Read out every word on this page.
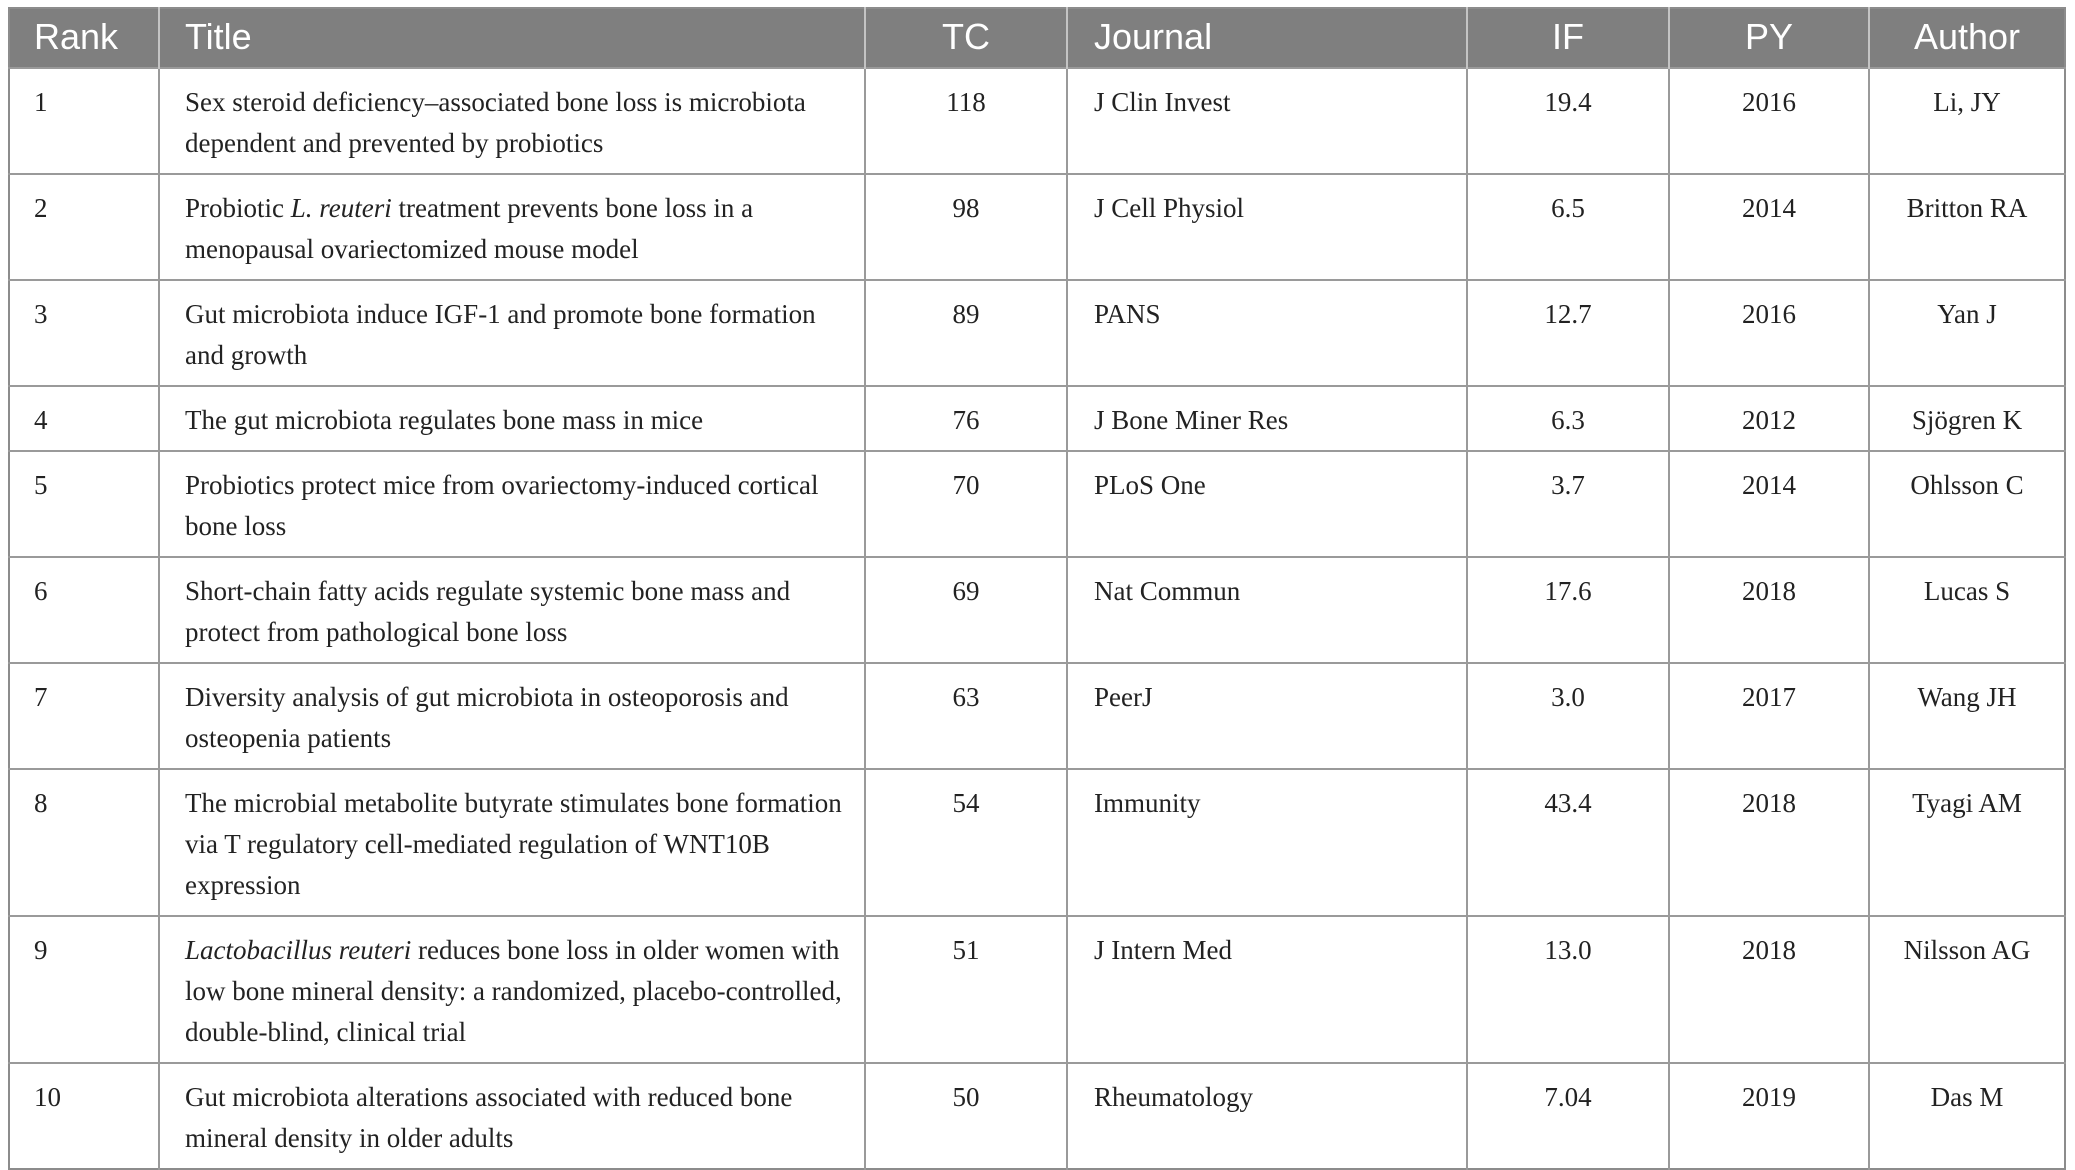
Rank	Title	TC	Journal	IF	PY	Author
1	Sex steroid deficiency–associated bone loss is microbiota dependent and prevented by probiotics	118	J Clin Invest	19.4	2016	Li, JY
2	Probiotic L. reuteri treatment prevents bone loss in a menopausal ovariectomized mouse model	98	J Cell Physiol	6.5	2014	Britton RA
3	Gut microbiota induce IGF-1 and promote bone formation and growth	89	PANS	12.7	2016	Yan J
4	The gut microbiota regulates bone mass in mice	76	J Bone Miner Res	6.3	2012	Sjögren K
5	Probiotics protect mice from ovariectomy-induced cortical bone loss	70	PLoS One	3.7	2014	Ohlsson C
6	Short-chain fatty acids regulate systemic bone mass and protect from pathological bone loss	69	Nat Commun	17.6	2018	Lucas S
7	Diversity analysis of gut microbiota in osteoporosis and osteopenia patients	63	PeerJ	3.0	2017	Wang JH
8	The microbial metabolite butyrate stimulates bone formation via T regulatory cell-mediated regulation of WNT10B expression	54	Immunity	43.4	2018	Tyagi AM
9	Lactobacillus reuteri reduces bone loss in older women with low bone mineral density: a randomized, placebo-controlled, double-blind, clinical trial	51	J Intern Med	13.0	2018	Nilsson AG
10	Gut microbiota alterations associated with reduced bone mineral density in older adults	50	Rheumatology	7.04	2019	Das M
